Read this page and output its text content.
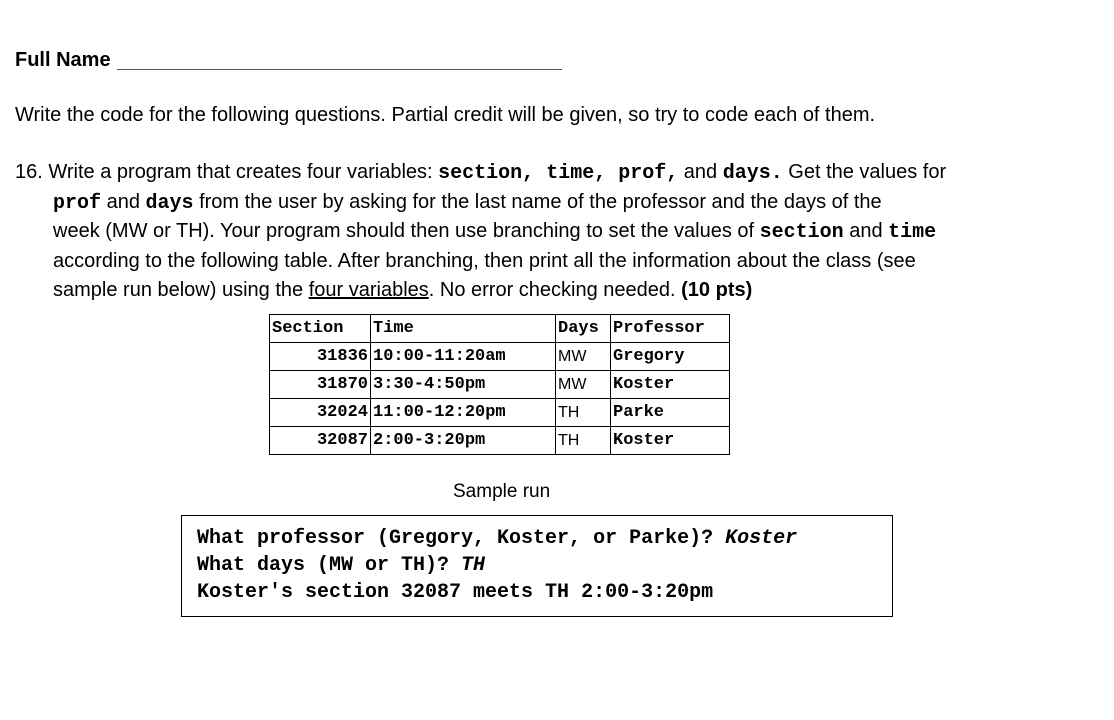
Full Name
Write the code for the following questions. Partial credit will be given, so try to code each of them.
16. Write a program that creates four variables: section, time, prof, and days. Get the values for
prof and days from the user by asking for the last name of the professor and the days of the
week (MW or TH). Your program should then use branching to set the values of section and time
according to the following table. After branching, then print all the information about the class (see
sample run below) using the four variables. No error checking needed. (10 pts)
Section	Time	Days	Professor
31836	10:00-11:20am	MW	Gregory
31870	3:30-4:50pm	MW	Koster
32024	11:00-12:20pm	TH	Parke
32087	2:00-3:20pm	TH	Koster
Sample run
What professor (Gregory, Koster, or Parke)? Koster
What days (MW or TH)? TH
Koster's section 32087 meets TH 2:00-3:20pm
